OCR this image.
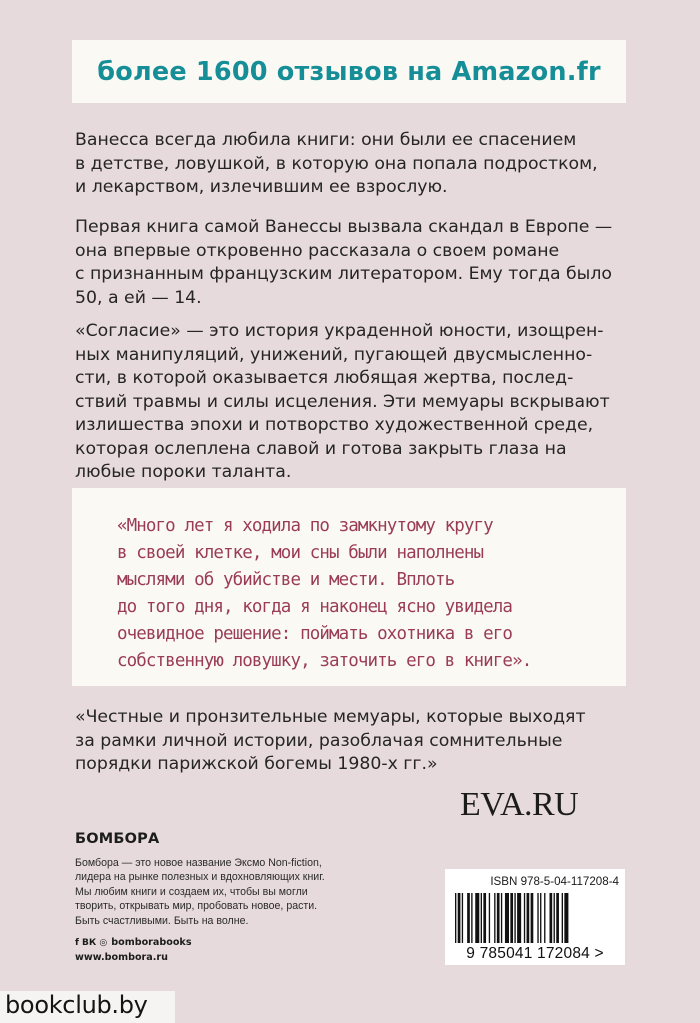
более 1600 отзывов на Amazon.fr

Ванесса всегда любила книги: они были ее спасением
в детстве, ловушкой, в которую она попала подростком,
и лекарством, излечившим ее взрослую.

Первая книга самой Ванессы вызвала скандал в Европе —
она впервые откровенно рассказала о своем романе
с признанным французским литератором. Ему тогда было
50, а ей — 14.

«Согласие» — это история украденной юности, изощрен-
ных манипуляций, унижений, пугающей двусмысленно-
сти, в которой оказывается любящая жертва, послед-
ствий травмы и силы исцеления. Эти мемуары вскрывают
излишества эпохи и потворство художественной среде,
которая ослеплена славой и готова закрыть глаза на
любые пороки таланта.

«Много лет я ходила по замкнутому кругу
в своей клетке, мои сны были наполнены
мыслями об убийстве и мести. Вплоть
до того дня, когда я наконец ясно увидела
очевидное решение: поймать охотника в его
собственную ловушку, заточить его в книге».

«Честные и пронзительные мемуары, которые выходят
за рамки личной истории, разоблачая сомнительные
порядки парижской богемы 1980-х гг.»

EVA.RU
БОМБОРА

Бомбора — это новое название Эксмо Non-fiction,
лидера на рынке полезных и вдохновляющих книг.
Мы любим книги и создаем их, чтобы вы могли
творить, открывать мир, пробовать новое, расти.
Быть счастливыми. Быть на волне.

f ВК ◎ bomborabooks
www.bombora.ru
ISBN 978-5-04-117208-4
9 785041 172084 >
bookclub.by
